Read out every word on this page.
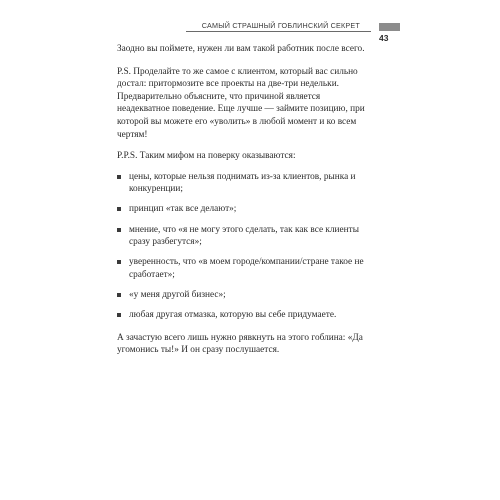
САМЫЙ СТРАШНЫЙ ГОБЛИНСКИЙ СЕКРЕТ
43

Заодно вы поймете, нужен ли вам такой работник после всего.

P.S. Проделайте то же самое с клиентом, который вас сильно достал: притормозите все проекты на две-три недельки. Предварительно объясните, что причиной является неадекватное поведение. Еще лучше — займите позицию, при которой вы можете его «уволить» в любой момент и ко всем чертям!

P.P.S. Таким мифом на поверку оказываются:

цены, которые нельзя поднимать из-за клиентов, рынка и конкуренции;
принцип «так все делают»;
мнение, что «я не могу этого сделать, так как все клиенты сразу разбегутся»;
уверенность, что «в моем городе/компании/стране такое не сработает»;
«у меня другой бизнес»;
любая другая отмазка, которую вы себе придумаете.

А зачастую всего лишь нужно рявкнуть на этого гоблина: «Да угомонись ты!» И он сразу послушается.
